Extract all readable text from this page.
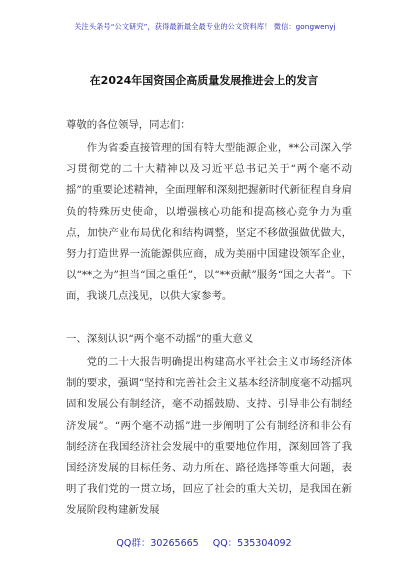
关注头条号“公文研究”，获得最新最全最专业的公文资料库！ 微信：gongwenyj
在2024年国资国企高质量发展推进会上的发言
尊敬的各位领导，同志们：
作为省委直接管理的国有特大型能源企业，**公司深入学习贯彻党的二十大精神以及习近平总书记关于“两个毫不动摇”的重要论述精神，全面理解和深刻把握新时代新征程自身肩负的特殊历史使命，以增强核心功能和提高核心竞争力为重点，加快产业布局优化和结构调整，坚定不移做强做优做大，努力打造世界一流能源供应商，成为美丽中国建设领军企业，以“**之为”担当“国之重任”，以“**贡献”服务“国之大者”。下面，我谈几点浅见，以供大家参考。
一、深刻认识“两个毫不动摇”的重大意义
党的二十大报告明确提出构建高水平社会主义市场经济体制的要求，强调“坚持和完善社会主义基本经济制度毫不动摇巩固和发展公有制经济，毫不动摇鼓励、支持、引导非公有制经济发展”。“两个毫不动摇”进一步阐明了公有制经济和非公有制经济在我国经济社会发展中的重要地位作用，深刻回答了我国经济发展的目标任务、动力所在、路径选择等重大问题，表明了我们党的一贯立场，回应了社会的重大关切，是我国在新发展阶段构建新发展
QQ群：30265665 QQ：535304092
